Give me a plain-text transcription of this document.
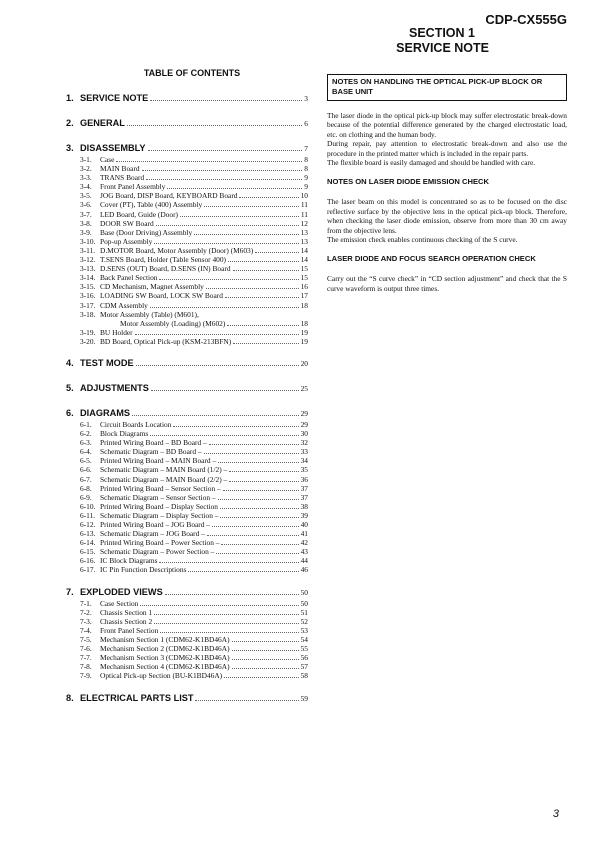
CDP-CX555G
SECTION 1
SERVICE NOTE
TABLE OF CONTENTS
1. SERVICE NOTE	3
2. GENERAL	6
3. DISASSEMBLY	7
3-1.	Case	8
3-2.	MAIN Board	8
3-3.	TRANS Board	9
3-4.	Front Panel Assembly	9
3-5.	JOG Board, DISP Board, KEYBOARD Board	10
3-6.	Cover (PT), Table (400) Assembly	11
3-7.	LED Board, Guide (Door)	11
3-8.	DOOR SW Board	12
3-9.	Base (Door Driving) Assembly	13
3-10. Pop-up Assembly	13
3-11. D.MOTOR Board, Motor Assembly (Door) (M603)	14
3-12. T.SENS Board, Holder (Table Sensor 400)	14
3-13. D.SENS (OUT) Board, D.SENS (IN) Board	15
3-14. Back Panel Section	15
3-15. CD Mechanism, Magnet Assembly	16
3-16. LOADING SW Board, LOCK SW Board	17
3-17. CDM Assembly	18
3-18. Motor Assembly (Table) (M601),
Motor Assembly (Loading) (M602)	18
3-19. BU Holder	19
3-20. BD Board, Optical Pick-up (KSM-213BFN)	19
4. TEST MODE	20
5. ADJUSTMENTS	25
6. DIAGRAMS	29
6-1.	Circuit Boards Location	29
6-2.	Block Diagrams	30
6-3.	Printed Wiring Board – BD Board –	32
6-4.	Schematic Diagram – BD Board –	33
6-5.	Printed Wiring Board – MAIN Board –	34
6-6.	Schematic Diagram – MAIN Board (1/2) –	35
6-7.	Schematic Diagram – MAIN Board (2/2) –	36
6-8.	Printed Wiring Board – Sensor Section –	37
6-9.	Schematic Diagram – Sensor Section –	37
6-10. Printed Wiring Board – Display Section	38
6-11. Schematic Diagram – Display Section –	39
6-12. Printed Wiring Board – JOG Board –	40
6-13. Schematic Diagram – JOG Board –	41
6-14. Printed Wiring Board – Power Section –	42
6-15. Schematic Diagram – Power Section –	43
6-16. IC Block Diagrams	44
6-17. IC Pin Function Descriptions	46
7. EXPLODED VIEWS	50
7-1.	Case Section	50
7-2.	Chassis Section 1	51
7-3.	Chassis Section 2	52
7-4.	Front Panel Section	53
7-5.	Mechanism Section 1 (CDM62-K1BD46A)	54
7-6.	Mechanism Section 2 (CDM62-K1BD46A)	55
7-7.	Mechanism Section 3 (CDM62-K1BD46A)	56
7-8.	Mechanism Section 4 (CDM62-K1BD46A)	57
7-9.	Optical Pick-up Section (BU-K1BD46A)	58
8. ELECTRICAL PARTS LIST	59
NOTES ON HANDLING THE OPTICAL PICK-UP BLOCK OR BASE UNIT

The laser diode in the optical pick-up block may suffer electrostatic break-down because of the potential difference generated by the charged electrostatic load, etc. on clothing and the human body.

During repair, pay attention to electrostatic break-down and also use the procedure in the printed matter which is included in the repair parts.

The flexible board is easily damaged and should be handled with care.

NOTES ON LASER DIODE EMISSION CHECK

The laser beam on this model is concentrated so as to be focused on the disc reflective surface by the objective lens in the optical pick-up block. Therefore, when checking the laser diode emission, observe from more than 30 cm away from the objective lens.

The emission check enables continuous checking of the S curve.

LASER DIODE AND FOCUS SEARCH OPERATION CHECK

Carry out the “S curve check” in “CD section adjustment” and check that the S curve waveform is output three times.

3
